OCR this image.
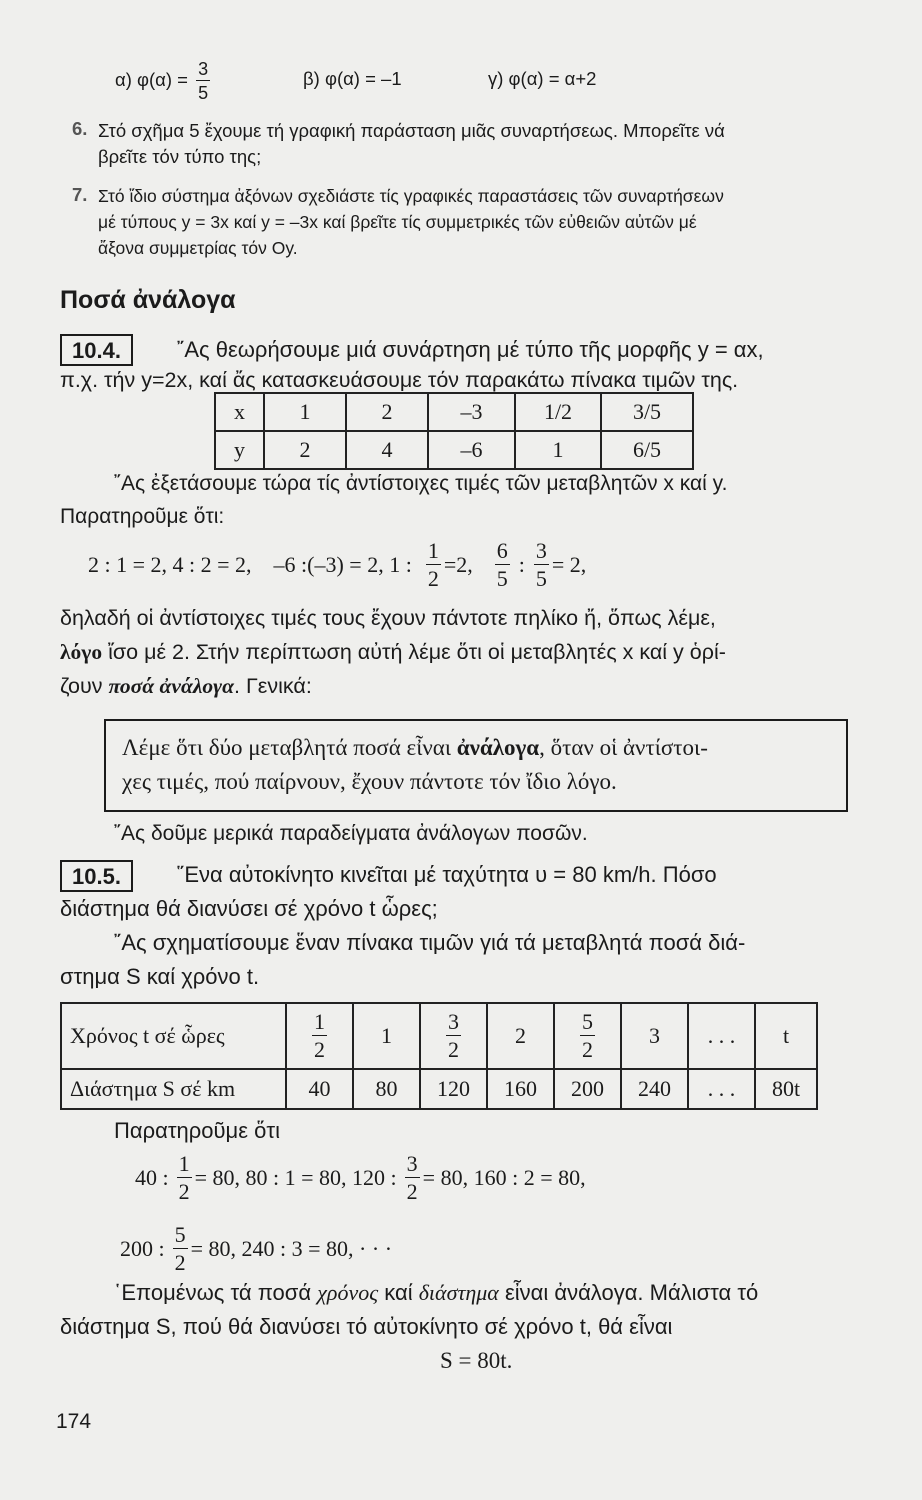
α) $\varphi(\alpha) = \frac{3}{5}$	β) φ(α) = –1	γ) φ(α) = α+2
6. Στό σχῆμα 5 ἔχουμε τή γραφική παράσταση μιᾶς συναρτήσεως. Μπορεῖτε νά
βρεῖτε τόν τύπο της;
7. Στό ἴδιο σύστημα ἀξόνων σχεδιάστε τίς γραφικές παραστάσεις τῶν συναρτήσεων
μέ τύπους y = 3x καί y = –3x καί βρεῖτε τίς συμμετρικές τῶν εὐθειῶν αὐτῶν μέ
ἄξονα συμμετρίας τόν Oy.
Ποσά ἀνάλογα
10.4.	῎Ας θεωρήσουμε μιά συνάρτηση μέ τύπο τῆς μορφῆς y = αx,
π.χ. τήν y=2x, καί ἄς κατασκευάσουμε τόν παρακάτω πίνακα τιμῶν της.
x	1	2	–3	1/2	3/5
y	2	4	–6	1	6/5
῎Ας ἐξετάσουμε τώρα τίς ἀντίστοιχες τιμές τῶν μεταβλητῶν x καί y.
Παρατηροῦμε ὅτι:
2 : 1 = 2, 4 : 2 = 2, –6 :(–3) = 2, 1 : $\frac{1}{2} =2$, $\frac{6}{5}$ : $\frac{3}{5} = 2$,
δηλαδή οἱ ἀντίστοιχες τιμές τους ἔχουν πάντοτε πηλίκο ἤ, ὅπως λέμε,
λόγο ἴσο μέ 2. Στήν περίπτωση αὐτή λέμε ὅτι οἱ μεταβλητές x καί y ὁρί-
ζουν ποσά ἀνάλογα. Γενικά:
Λέμε ὅτι δύο μεταβλητά ποσά εἶναι ἀνάλογα, ὅταν οἱ ἀντίστοι-
χες τιμές, πού παίρνουν, ἔχουν πάντοτε τόν ἴδιο λόγο.
῎Ας δοῦμε μερικά παραδείγματα ἀνάλογων ποσῶν.
10.5.	῞Ενα αὐτοκίνητο κινεῖται μέ ταχύτητα υ = 80 km/h. Πόσο
διάστημα θά διανύσει σέ χρόνο t ὧρες;
῎Ας σχηματίσουμε ἕναν πίνακα τιμῶν γιά τά μεταβλητά ποσά διά-
στημα S καί χρόνο t.
Χρόνος t σέ ὧρες	$\frac{1}{2}$	1	$\frac{3}{2}$	2	$\frac{5}{2}$	3	. . .	t
Διάστημα S σέ km	40	80	120	160	200	240	. . .	80t
Παρατηροῦμε ὅτι
40 : $\frac{1}{2} = 80$, 80 : 1 = 80, 120 : $\frac{3}{2} = 80$, 160 : 2 = 80,
200 : $\frac{5}{2} = 80$, 240 : 3 = 80, · · ·
῾Επομένως τά ποσά χρόνος καί διάστημα εἶναι ἀνάλογα. Μάλιστα τό
διάστημα S, πού θά διανύσει τό αὐτοκίνητο σέ χρόνο t, θά εἶναι
S = 80t.
174
